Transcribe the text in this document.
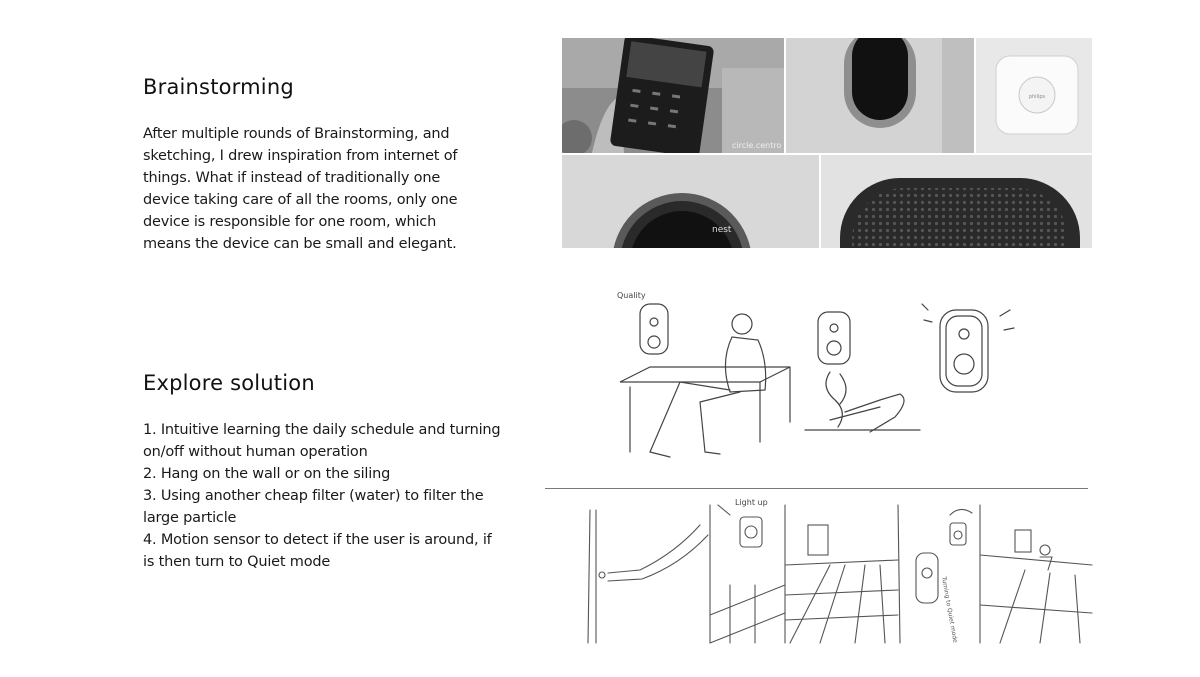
Brainstorming

After multiple rounds of Brainstorming, and sketching, I drew inspiration from internet of things. What if instead of traditionally one device taking care of all the rooms, only one device is responsible for one room, which means the device can be small and elegant.

Explore solution
1. Intuitive learning the daily schedule and turning on/off without human operation
2. Hang on the wall or on the siling
3. Using another cheap filter (water) to filter the large particle
4. Motion sensor to detect if the user is around, if is then turn to Quiet mode
circle.centro
philips
nest
Quality
Light up
Turning to Quiet mode
